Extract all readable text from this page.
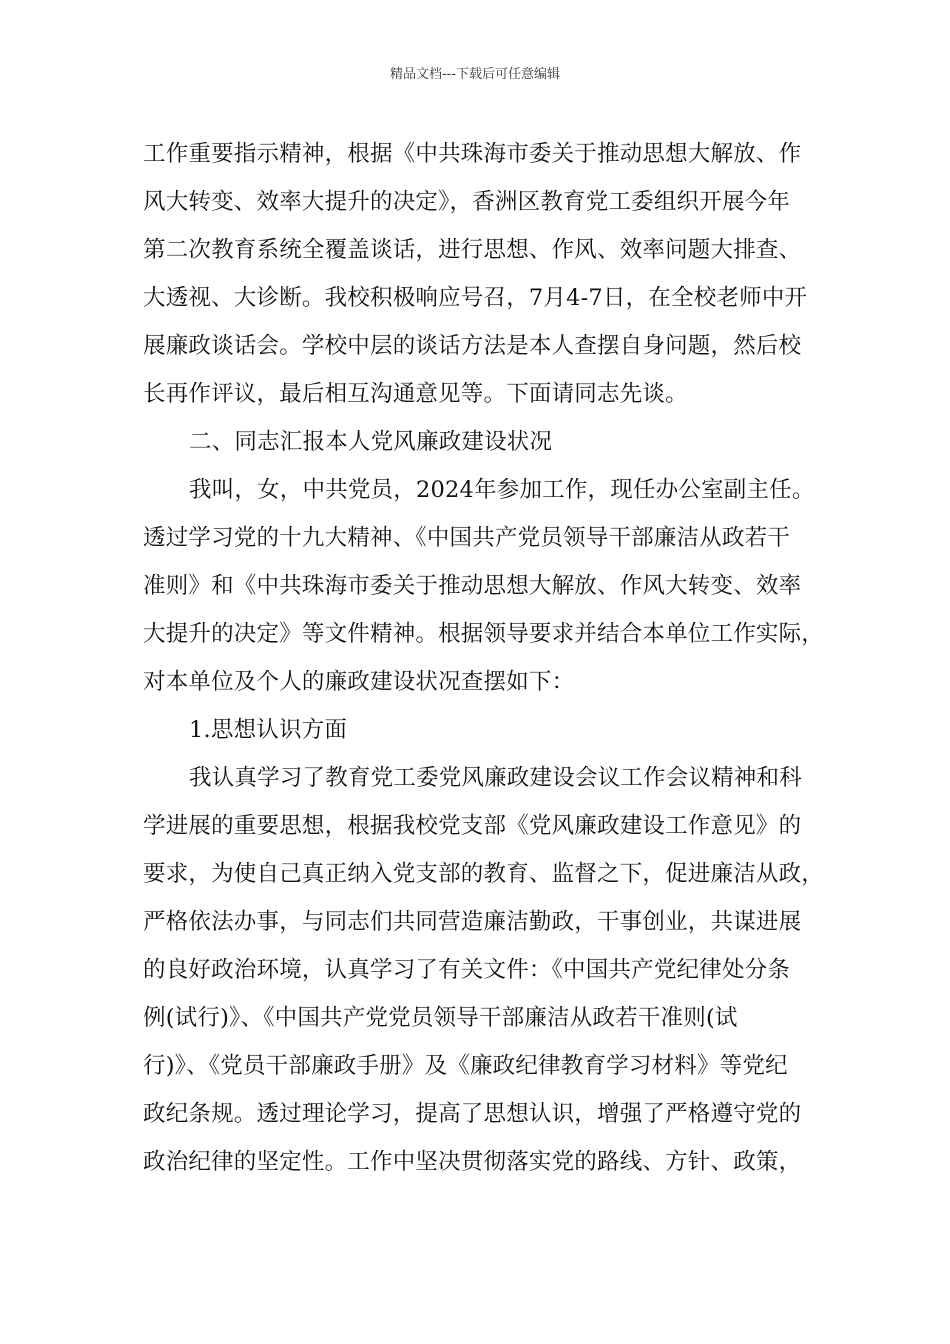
精品文档---下载后可任意编辑
工作重要指示精神，根据《中共珠海市委关于推动思想大解放、作
风大转变、效率大提升的决定》，香洲区教育党工委组织开展今年
第二次教育系统全覆盖谈话，进行思想、作风、效率问题大排查、
大透视、大诊断。我校积极响应号召，7月4-7日，在全校老师中开
展廉政谈话会。学校中层的谈话方法是本人查摆自身问题，然后校
长再作评议，最后相互沟通意见等。下面请同志先谈。
二、同志汇报本人党风廉政建设状况
我叫，女，中共党员，2024年参加工作，现任办公室副主任。
透过学习党的十九大精神、《中国共产党员领导干部廉洁从政若干
准则》和《中共珠海市委关于推动思想大解放、作风大转变、效率
大提升的决定》等文件精神。根据领导要求并结合本单位工作实际，
对本单位及个人的廉政建设状况查摆如下：
1.思想认识方面
我认真学习了教育党工委党风廉政建设会议工作会议精神和科
学进展的重要思想，根据我校党支部《党风廉政建设工作意见》的
要求，为使自己真正纳入党支部的教育、监督之下，促进廉洁从政，
严格依法办事，与同志们共同营造廉洁勤政，干事创业，共谋进展
的良好政治环境，认真学习了有关文件：《中国共产党纪律处分条
例(试行)》、《中国共产党党员领导干部廉洁从政若干准则(试
行)》、《党员干部廉政手册》及《廉政纪律教育学习材料》等党纪
政纪条规。透过理论学习，提高了思想认识，增强了严格遵守党的
政治纪律的坚定性。工作中坚决贯彻落实党的路线、方针、政策，
